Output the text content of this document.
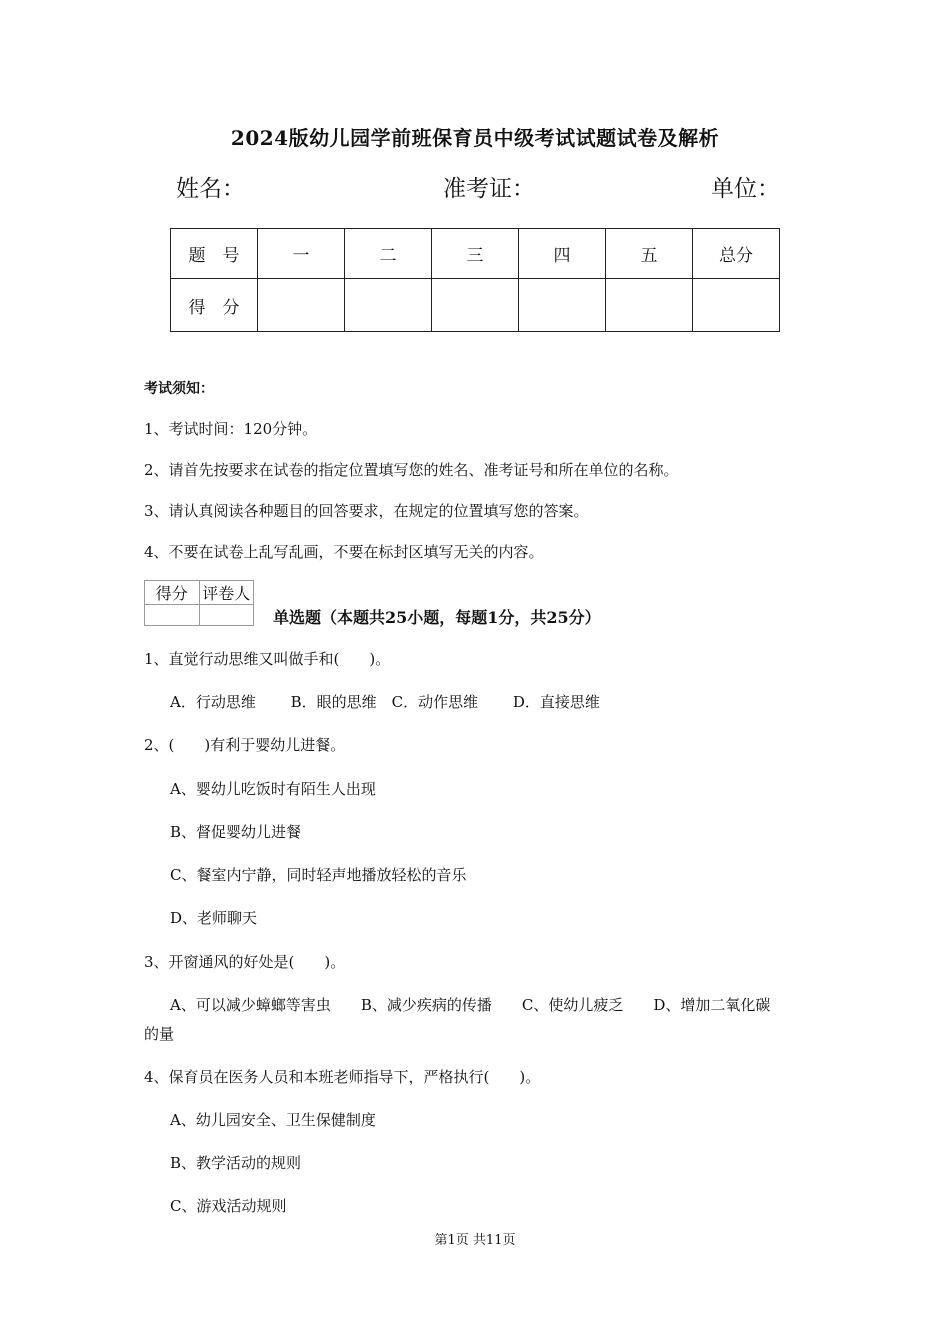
2024版幼儿园学前班保育员中级考试试题试卷及解析
姓名：	准考证：	单位：
题　号	一	二	三	四	五	总分
得　分						
考试须知：
1、考试时间：120分钟。
2、请首先按要求在试卷的指定位置填写您的姓名、准考证号和所在单位的名称。
3、请认真阅读各种题目的回答要求，在规定的位置填写您的答案。
4、不要在试卷上乱写乱画，不要在标封区填写无关的内容。
得分	评卷人

单选题（本题共25小题，每题1分，共25分）
1、直觉行动思维又叫做手和(　　)。
A．行动思维　　 B．眼的思维　C．动作思维　　 D．直接思维
2、(　　)有利于婴幼儿进餐。
A、婴幼儿吃饭时有陌生人出现
B、督促婴幼儿进餐
C、餐室内宁静，同时轻声地播放轻松的音乐
D、老师聊天
3、开窗通风的好处是(　　)。
A、可以减少蟑螂等害虫　　B、减少疾病的传播　　C、使幼儿疲乏　　D、增加二氧化碳
的量
4、保育员在医务人员和本班老师指导下，严格执行(　　)。
A、幼儿园安全、卫生保健制度
B、教学活动的规则
C、游戏活动规则
第1页 共11页
